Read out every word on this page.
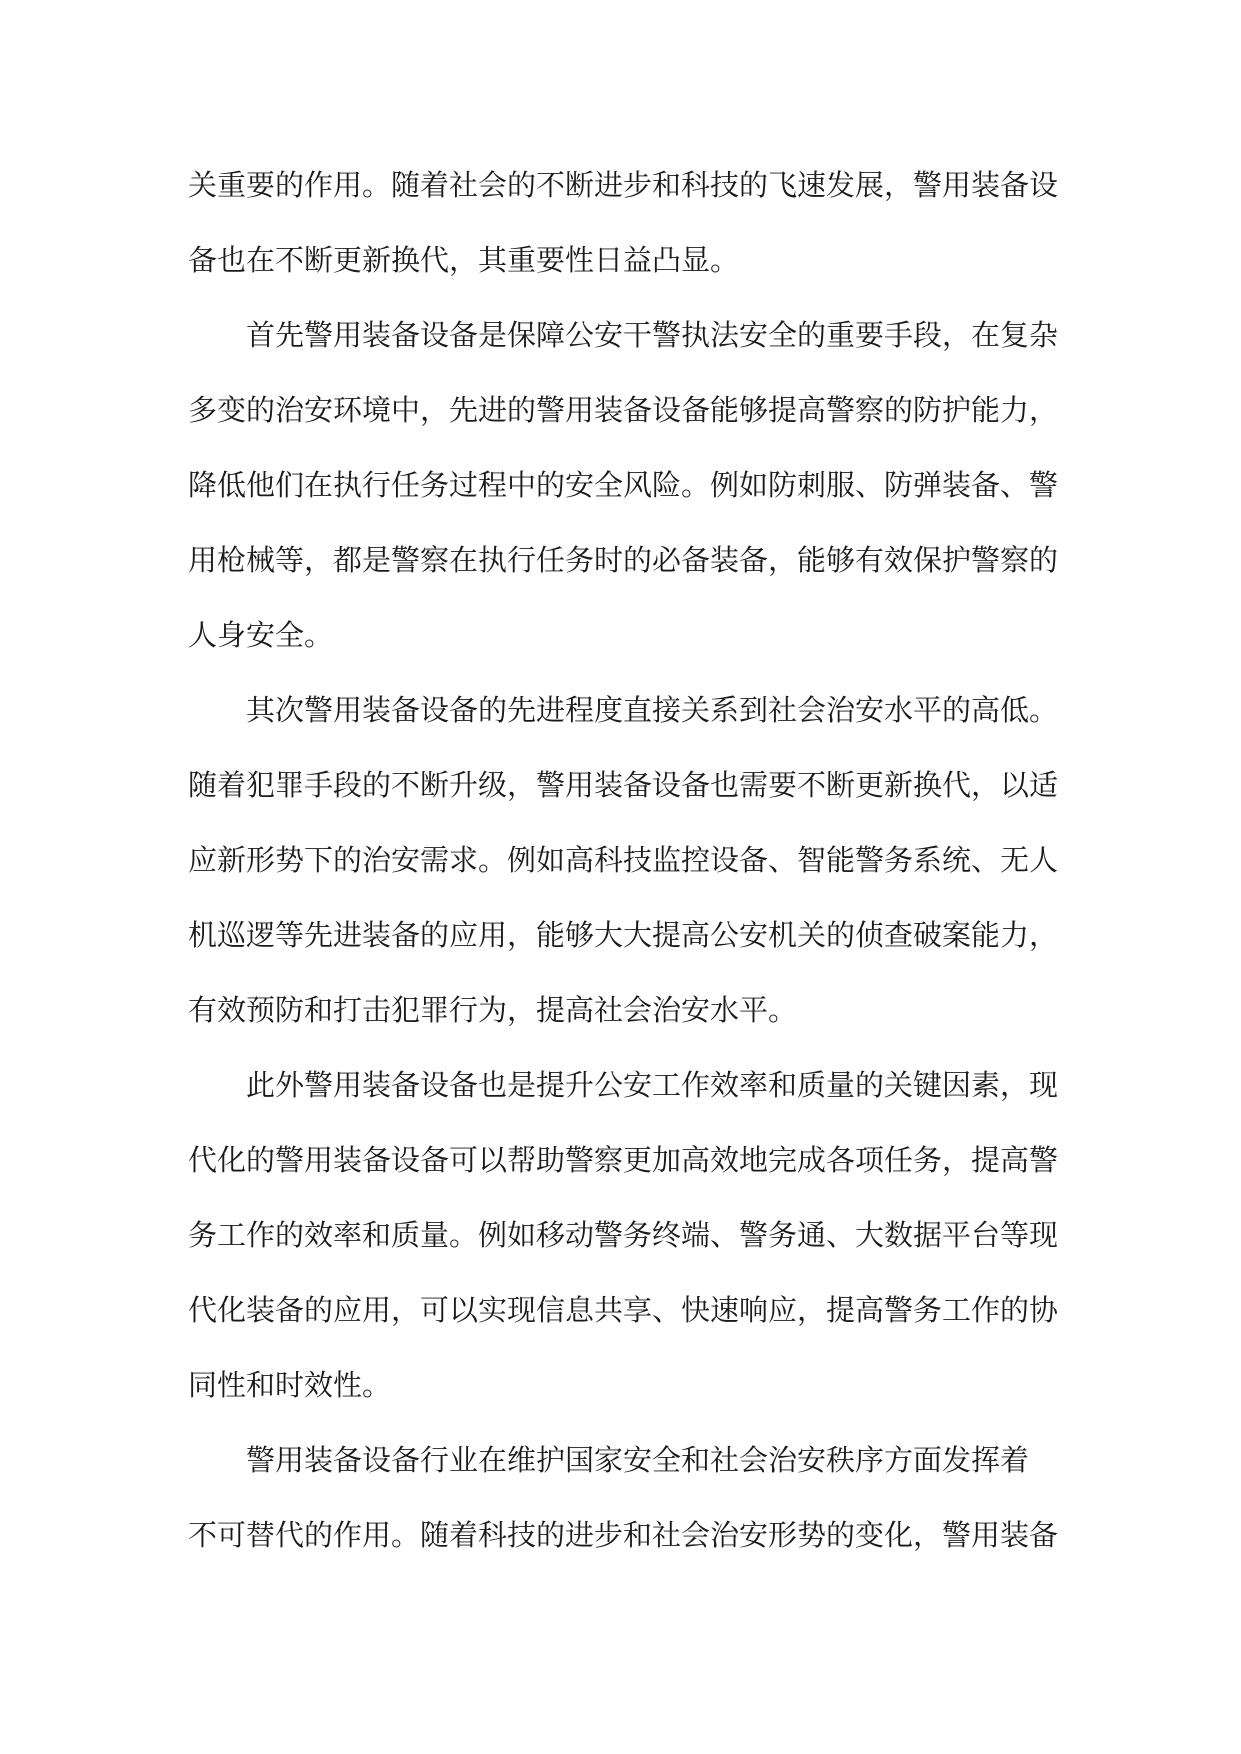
关重要的作用。随着社会的不断进步和科技的飞速发展，警用装备设
备也在不断更新换代，其重要性日益凸显。
首先警用装备设备是保障公安干警执法安全的重要手段，在复杂
多变的治安环境中，先进的警用装备设备能够提高警察的防护能力，
降低他们在执行任务过程中的安全风险。例如防刺服、防弹装备、警
用枪械等，都是警察在执行任务时的必备装备，能够有效保护警察的
人身安全。
其次警用装备设备的先进程度直接关系到社会治安水平的高低。
随着犯罪手段的不断升级，警用装备设备也需要不断更新换代，以适
应新形势下的治安需求。例如高科技监控设备、智能警务系统、无人
机巡逻等先进装备的应用，能够大大提高公安机关的侦查破案能力，
有效预防和打击犯罪行为，提高社会治安水平。
此外警用装备设备也是提升公安工作效率和质量的关键因素，现
代化的警用装备设备可以帮助警察更加高效地完成各项任务，提高警
务工作的效率和质量。例如移动警务终端、警务通、大数据平台等现
代化装备的应用，可以实现信息共享、快速响应，提高警务工作的协
同性和时效性。
警用装备设备行业在维护国家安全和社会治安秩序方面发挥着
不可替代的作用。随着科技的进步和社会治安形势的变化，警用装备
